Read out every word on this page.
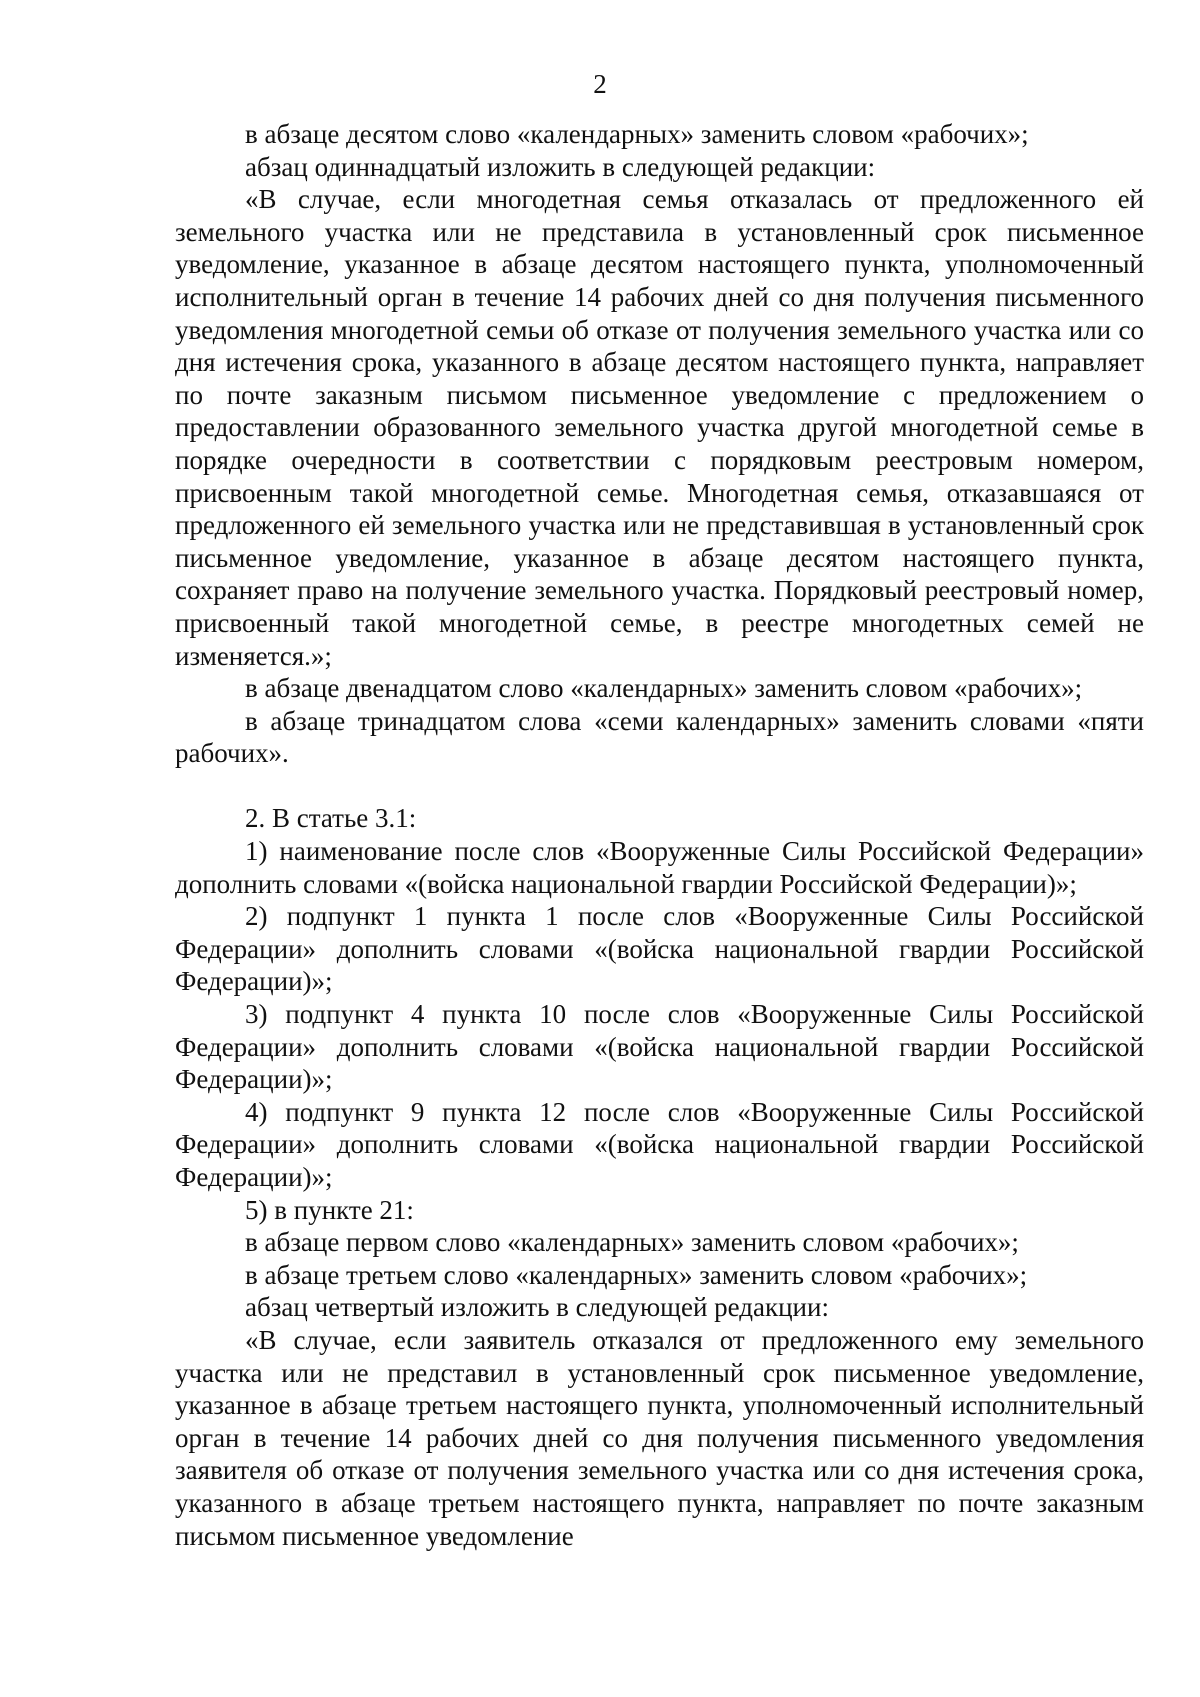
2

в абзаце десятом слово «календарных» заменить словом «рабочих»;

абзац одиннадцатый изложить в следующей редакции:

«В случае, если многодетная семья отказалась от предложенного ей земельного участка или не представила в установленный срок письменное уведомление, указанное в абзаце десятом настоящего пункта, уполномоченный исполнительный орган в течение 14 рабочих дней со дня получения письменного уведомления многодетной семьи об отказе от получения земельного участка или со дня истечения срока, указанного в абзаце десятом настоящего пункта, направляет по почте заказным письмом письменное уведомление с предложением о предоставлении образованного земельного участка другой многодетной семье в порядке очередности в соответствии с порядковым реестровым номером, присвоенным такой многодетной семье. Многодетная семья, отказавшаяся от предложенного ей земельного участка или не представившая в установленный срок письменное уведомление, указанное в абзаце десятом настоящего пункта, сохраняет право на получение земельного участка. Порядковый реестровый номер, присвоенный такой многодетной семье, в реестре многодетных семей не изменяется.»;

в абзаце двенадцатом слово «календарных» заменить словом «рабочих»;

в абзаце тринадцатом слова «семи календарных» заменить словами «пяти рабочих».

2. В статье 3.1:

1) наименование после слов «Вооруженные Силы Российской Федерации» дополнить словами «(войска национальной гвардии Российской Федерации)»;

2) подпункт 1 пункта 1 после слов «Вооруженные Силы Российской Федерации» дополнить словами «(войска национальной гвардии Российской Федерации)»;

3) подпункт 4 пункта 10 после слов «Вооруженные Силы Российской Федерации» дополнить словами «(войска национальной гвардии Российской Федерации)»;

4) подпункт 9 пункта 12 после слов «Вооруженные Силы Российской Федерации» дополнить словами «(войска национальной гвардии Российской Федерации)»;

5) в пункте 21:

в абзаце первом слово «календарных» заменить словом «рабочих»;

в абзаце третьем слово «календарных» заменить словом «рабочих»;

абзац четвертый изложить в следующей редакции:

«В случае, если заявитель отказался от предложенного ему земельного участка или не представил в установленный срок письменное уведомление, указанное в абзаце третьем настоящего пункта, уполномоченный исполнительный орган в течение 14 рабочих дней со дня получения письменного уведомления заявителя об отказе от получения земельного участка или со дня истечения срока, указанного в абзаце третьем настоящего пункта, направляет по почте заказным письмом письменное уведомление
